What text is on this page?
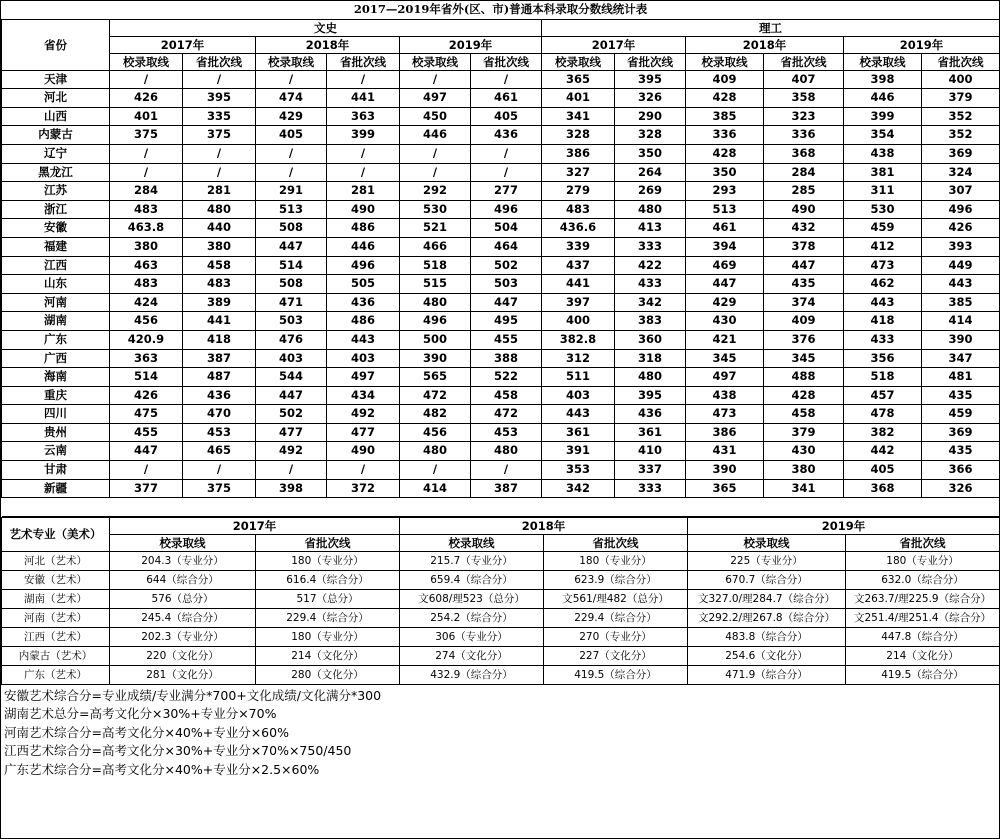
2017—2019年省外(区、市)普通本科录取分数线统计表												
省份	文史						理工					
	2017年		2018年		2019年		2017年		2018年		2019年	
	校录取线	省批次线	校录取线	省批次线	校录取线	省批次线	校录取线	省批次线	校录取线	省批次线	校录取线	省批次线
天津	/	/	/	/	/	/	365	395	409	407	398	400
河北	426	395	474	441	497	461	401	326	428	358	446	379
山西	401	335	429	363	450	405	341	290	385	323	399	352
内蒙古	375	375	405	399	446	436	328	328	336	336	354	352
辽宁	/	/	/	/	/	/	386	350	428	368	438	369
黑龙江	/	/	/	/	/	/	327	264	350	284	381	324
江苏	284	281	291	281	292	277	279	269	293	285	311	307
浙江	483	480	513	490	530	496	483	480	513	490	530	496
安徽	463.8	440	508	486	521	504	436.6	413	461	432	459	426
福建	380	380	447	446	466	464	339	333	394	378	412	393
江西	463	458	514	496	518	502	437	422	469	447	473	449
山东	483	483	508	505	515	503	441	433	447	435	462	443
河南	424	389	471	436	480	447	397	342	429	374	443	385
湖南	456	441	503	486	496	495	400	383	430	409	418	414
广东	420.9	418	476	443	500	455	382.8	360	421	376	433	390
广西	363	387	403	403	390	388	312	318	345	345	356	347
海南	514	487	544	497	565	522	511	480	497	488	518	481
重庆	426	436	447	434	472	458	403	395	438	428	457	435
四川	475	470	502	492	482	472	443	436	473	458	478	459
贵州	455	453	477	477	456	453	361	361	386	379	382	369
云南	447	465	492	490	480	480	391	410	431	430	442	435
甘肃	/	/	/	/	/	/	353	337	390	380	405	366
新疆	377	375	398	372	414	387	342	333	365	341	368	326

艺术专业（美术）	2017年		2018年		2019年	
	校录取线	省批次线	校录取线	省批次线	校录取线	省批次线
河北（艺术）	204.3（专业分）	180（专业分）	215.7（专业分）	180（专业分）	225（专业分）	180（专业分）
安徽（艺术）	644（综合分）	616.4（综合分）	659.4（综合分）	623.9（综合分）	670.7（综合分）	632.0（综合分）
湖南（艺术）	576（总分）	517（总分）	文608/理523（总分）	文561/理482（总分）	文327.0/理284.7（综合分）	文263.7/理225.9（综合分）
河南（艺术）	245.4（综合分）	229.4（综合分）	254.2（综合分）	229.4（综合分）	文292.2/理267.8（综合分）	文251.4/理251.4（综合分）
江西（艺术）	202.3（专业分）	180（专业分）	306（专业分）	270（专业分）	483.8（综合分）	447.8（综合分）
内蒙古（艺术）	220（文化分）	214（文化分）	274（文化分）	227（文化分）	254.6（文化分）	214（文化分）
广东（艺术）	281（文化分）	280（文化分）	432.9（综合分）	419.5（综合分）	471.9（综合分）	419.5（综合分）
安徽艺术综合分=专业成绩/专业满分*700+文化成绩/文化满分*300
湖南艺术总分=高考文化分×30%+专业分×70%
河南艺术综合分=高考文化分×40%+专业分×60%
江西艺术综合分=高考文化分×30%+专业分×70%×750/450
广东艺术综合分=高考文化分×40%+专业分×2.5×60%
